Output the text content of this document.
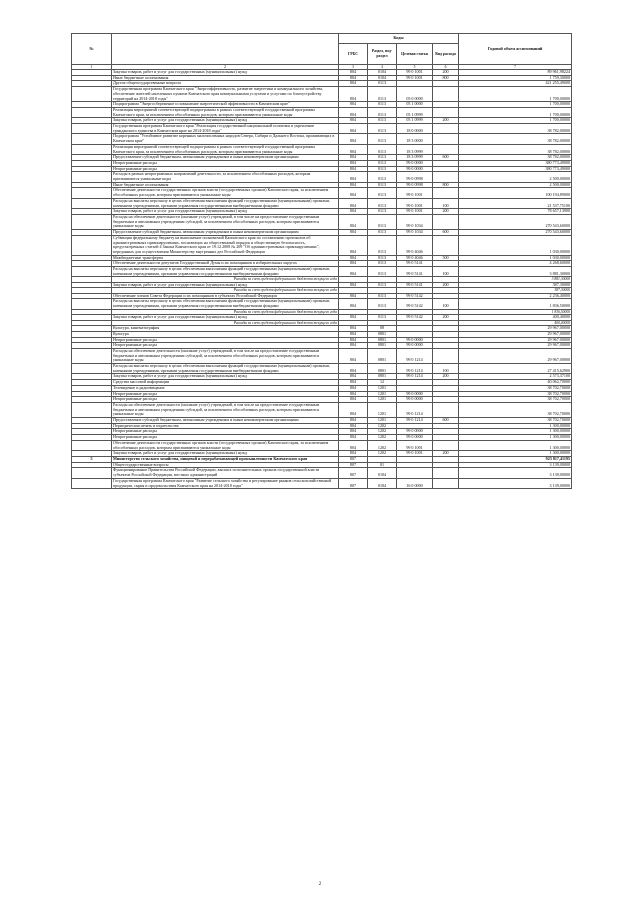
№		Коды				Годовой объем ассигнований
		ГРБС	Раздел, под-раздел	Целевая статья	Вид расхода	
1	2	3	4	5	6	7
	Закупка товаров, работ и услуг для государственных (муниципальных) нужд	804	0104	99 0 1001	200	89 961,98224
	Иные бюджетные ассигнования	804	0104	99 0 1001	800	1 759,30000
	Другие общегосударственные вопросы	804	0113			421 255,49000
	Государственная программа Камчатского края "Энергоэффективность, развитие энергетики и коммунального хозяйства, обеспечение жителей населенных пунктов Камчатского края коммунальными услугами и услугами по благоустройству территорий на 2014-2018 годы"	804	0113	05 0 0000		1 700,00000
	Подпрограмма "Энергосбережение и повышение энергетической эффективности в Камчатском крае"	804	0113	05 1 0000		1 700,00000
	Реализация мероприятий соответствующей подпрограммы в рамках соответствующей государственной программы Камчатского края, за исключением обособленных расходов, которым присваиваются уникальные коды	804	0113	05 1 0999		1 700,00000
	Закупка товаров, работ и услуг для государственных (муниципальных) нужд	804	0113	05 1 0999	200	1 700,00000
	Государственная программа Камчатского края "Реализация государственной национальной политики и укрепление гражданского единства в Камчатском крае на 2014-2018 годы"	804	0113	18 0 0000		38 782,00000
	Подпрограмма "Устойчивое развитие коренных малочисленных народов Севера, Сибири и Дальнего Востока, проживающих в Камчатском крае"	804	0113	18 3 0000		38 782,00000
	Реализация мероприятий соответствующей подпрограммы в рамках соответствующей государственной программы Камчатского края, за исключением обособленных расходов, которым присваиваются уникальные коды	804	0113	18 3 0999		38 782,00000
	Предоставление субсидий бюджетным, автономным учреждениям и иным некоммерческим организациям	804	0113	18 3 0999	600	38 782,00000
	Непрограммные расходы	804	0113	99 0 0000		380 773,49000
	Непрограммные расходы	804	0113	99 0 0000		380 773,49000
	Расходы в рамках непрограммных направлений деятельности, за исключением обособленных расходов, которым присваиваются уникальные коды	804	0113	99 0 0998		2 500,00000
	Иные бюджетные ассигнования	804	0113	99 0 0998	800	2 500,00000
	Обеспечение деятельности государственных органов власти (государственных органов) Камчатского края, за исключением обособленных расходов, которым присваиваются уникальные коды	804	0113	99 0 1001		100 194,89000
	Расходы на выплаты персоналу в целях обеспечения выполнения функций государственными (муниципальными) органами, казенными учреждениями, органами управления государственными внебюджетными фондами	804	0113	99 0 1001	100	21 537,75100
	Закупка товаров, работ и услуг для государственных (муниципальных) нужд	804	0113	99 0 1001	200	78 657,13900
	Расходы на обеспечение деятельности (оказание услуг) учреждений, в том числе на предоставление государственным бюджетным и автономным учреждениям субсидий, за исключением обособленных расходов, которым присваиваются уникальные коды	804	0113	99 0 1034		270 543,60000
	Предоставление субсидий бюджетным, автономным учреждениям и иным некоммерческим организациям	804	0113	99 0 1034	600	270 543,60000
	Субвенция федеральному бюджету на выполнение полномочий Камчатского края по составлению протоколов об административных правонарушениях, посягающих на общественный порядок и общественную безопасность, предусмотренных статьей 4 Закона Камчатского края от 19.12.2008 № 209 "Об административных правонарушениях", переданных для осуществления Министерству внутренних дел Российской Федерации	804	0113	99 0 4046		1 030,00000
	Межбюджетные трансферты	804	0113	99 0 4046	500	1 030,00000
	Обеспечение деятельности депутатов Государственной Думы и их помощников в избирательных округах	804	0113	99 0 5141		4 268,60000
	Расходы на выплаты персоналу в целях обеспечения выполнения функций государственными (муниципальными) органами, казенными учреждениями, органами управления государственными внебюджетными фондами	804	0113	99 0 5141	100	3 881,30000
	Расходы за счет средств федерального бюджета текущего года					3 881,30000
	Закупка товаров, работ и услуг для государственных (муниципальных) нужд	804	0113	99 0 5141	200	387,30000
	Расходы за счет средств федерального бюджета текущего года					387,30000
	Обеспечение членов Совета Федерации и их помощников в субъектах Российской Федерации	804	0113	99 0 5142		2 236,40000
	Расходы на выплаты персоналу в целях обеспечения выполнения функций государственными (муниципальными) органами, казенными учреждениями, органами управления государственными внебюджетными фондами	804	0113	99 0 5142	100	1 836,50000
	Расходы за счет средств федерального бюджета текущего года					1 836,50000
	Закупка товаров, работ и услуг для государственных (муниципальных) нужд	804	0113	99 0 5142	200	400,40000
	Расходы за счет средств федерального бюджета текущего года					400,40000
	Культура, кинематография	804	08			29 967,00000
	Культура	804	0801			29 967,00000
	Непрограммные расходы	804	0801	99 0 0000		29 967,00000
	Непрограммные расходы	804	0801	99 0 0000		29 967,00000
	Расходы на обеспечение деятельности (оказание услуг) учреждений, в том числе на предоставление государственным бюджетным и автономным учреждениям субсидий, за исключением обособленных расходов, которым присваиваются уникальные коды	804	0801	99 0 1214		29 967,00000
	Расходы на выплаты персоналу в целях обеспечения выполнения функций государственными (муниципальными) органами, казенными учреждениями, органами управления государственными внебюджетными фондами	804	0801	99 0 1214	100	27 415,62900
	Закупка товаров, работ и услуг для государственных (муниципальных) нужд	804	0801	99 0 1214	200	2 573,37100
	Средства массовой информации	804	12			40 062,70000
	Телевидение и радиовещание	804	1201			38 702,70000
	Непрограммные расходы	804	1201	99 0 0000		38 702,70000
	Непрограммные расходы	804	1201	99 0 0000		38 702,70000
	Расходы на обеспечение деятельности (оказание услуг) учреждений, в том числе на предоставление государственным бюджетным и автономным учреждениям субсидий, за исключением обособленных расходов, которым присваиваются уникальные коды	804	1201	99 0 1214		38 702,70000
	Предоставление субсидий бюджетным, автономным учреждениям и иным некоммерческим организациям	804	1201	99 0 1214	600	38 702,70000
	Периодическая печать и издательства	804	1202			1 300,00000
	Непрограммные расходы	804	1202	99 0 0000		1 300,00000
	Непрограммные расходы	804	1202	99 0 0000		1 300,00000
	Обеспечение деятельности государственных органов власти (государственных органов) Камчатского края, за исключением обособленных расходов, которым присваиваются уникальные коды	804	1202	99 0 1001		1 300,00000
	Закупка товаров, работ и услуг для государственных (муниципальных) нужд	804	1202	99 0 1001	200	1 300,00000
5	Министерство сельского хозяйства, пищевой и перерабатывающей промышленности Камчатского края	807				923 817,41195
	Общегосударственные вопросы	807	01			3 139,00000
	Функционирование Правительства Российской Федерации, высших исполнительных органов государственной власти субъектов Российской Федерации, местных администраций	807	0104			3 139,00000
	Государственная программа Камчатского края "Развитие сельского хозяйства и регулирование рынков сельскохозяйственной продукции, сырья и продовольствия Камчатского края на 2014-2018 годы"	807	0104	16 0 0000		3 139,00000
2
